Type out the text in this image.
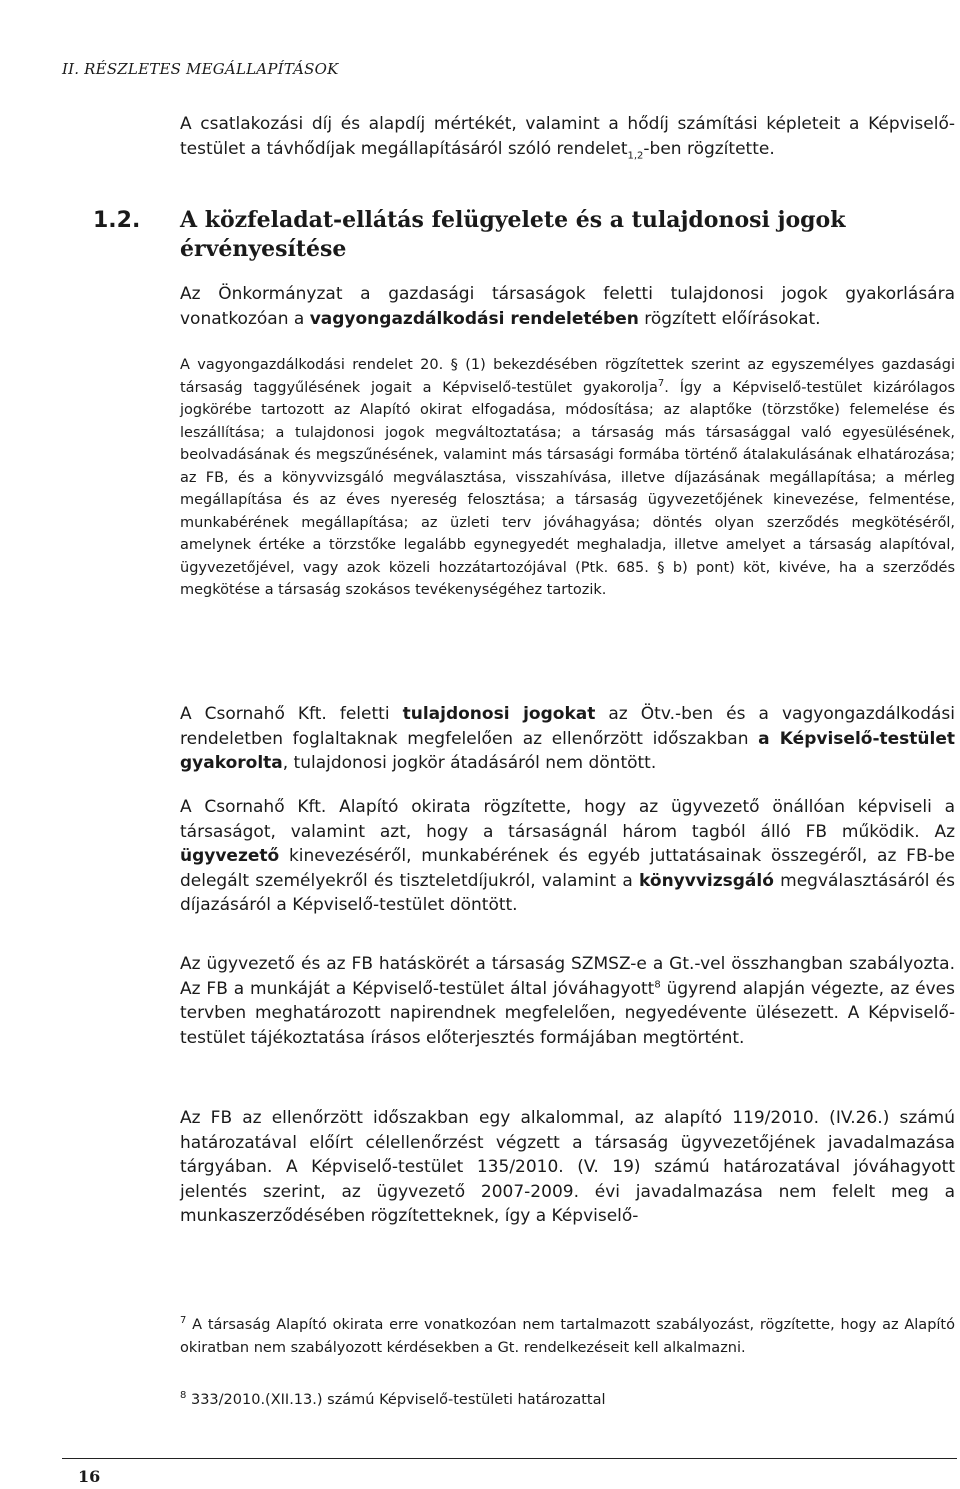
II. RÉSZLETES MEGÁLLAPÍTÁSOK

A csatlakozási díj és alapdíj mértékét, valamint a hődíj számítási képleteit a Képviselő-testület a távhődíjak megállapításáról szóló rendelet$_{1,2}$-ben rögzítette.

1.2. A közfeladat-ellátás felügyelete és a tulajdonosi jogok érvényesítése

Az Önkormányzat a gazdasági társaságok feletti tulajdonosi jogok gyakorlására vonatkozóan a vagyongazdálkodási rendeletében rögzített előírásokat.

A vagyongazdálkodási rendelet 20. § (1) bekezdésében rögzítettek szerint az egyszemélyes gazdasági társaság taggyűlésének jogait a Képviselő-testület gyakorolja$^7$. Így a Képviselő-testület kizárólagos jogkörébe tartozott az Alapító okirat elfogadása, módosítása; az alaptőke (törzstőke) felemelése és leszállítása; a tulajdonosi jogok megváltoztatása; a társaság más társasággal való egyesülésének, beolvadásának és megszűnésének, valamint más társasági formába történő átalakulásának elhatározása; az FB, és a könyvvizsgáló megválasztása, visszahívása, illetve díjazásának megállapítása; a mérleg megállapítása és az éves nyereség felosztása; a társaság ügyvezetőjének kinevezése, felmentése, munkabérének megállapítása; az üzleti terv jóváhagyása; döntés olyan szerződés megkötéséről, amelynek értéke a törzstőke legalább egynegyedét meghaladja, illetve amelyet a társaság alapítóval, ügyvezetőjével, vagy azok közeli hozzátartozójával (Ptk. 685. § b) pont) köt, kivéve, ha a szerződés megkötése a társaság szokásos tevékenységéhez tartozik.

A Csornahő Kft. feletti tulajdonosi jogokat az Ötv.-ben és a vagyongazdálkodási rendeletben foglaltaknak megfelelően az ellenőrzött időszakban a Képviselő-testület gyakorolta, tulajdonosi jogkör átadásáról nem döntött.

A Csornahő Kft. Alapító okirata rögzítette, hogy az ügyvezető önállóan képviseli a társaságot, valamint azt, hogy a társaságnál három tagból álló FB működik. Az ügyvezető kinevezéséről, munkabérének és egyéb juttatásainak összegéről, az FB-be delegált személyekről és tiszteletdíjukról, valamint a könyvvizsgáló megválasztásáról és díjazásáról a Képviselő-testület döntött.

Az ügyvezető és az FB hatáskörét a társaság SZMSZ-e a Gt.-vel összhangban szabályozta. Az FB a munkáját a Képviselő-testület által jóváhagyott$^8$ ügyrend alapján végezte, az éves tervben meghatározott napirendnek megfelelően, negyedévente ülésezett. A Képviselő-testület tájékoztatása írásos előterjesztés formájában megtörtént.

Az FB az ellenőrzött időszakban egy alkalommal, az alapító 119/2010. (IV.26.) számú határozatával előírt célellenőrzést végzett a társaság ügyvezetőjének javadalmazása tárgyában. A Képviselő-testület 135/2010. (V. 19) számú határozatával jóváhagyott jelentés szerint, az ügyvezető 2007-2009. évi javadalmazása nem felelt meg a munkaszerződésében rögzítetteknek, így a Képviselő-

$^7$ A társaság Alapító okirata erre vonatkozóan nem tartalmazott szabályozást, rögzítette, hogy az Alapító okiratban nem szabályozott kérdésekben a Gt. rendelkezéseit kell alkalmazni.

$^8$ 333/2010.(XII.13.) számú Képviselő-testületi határozattal

16
